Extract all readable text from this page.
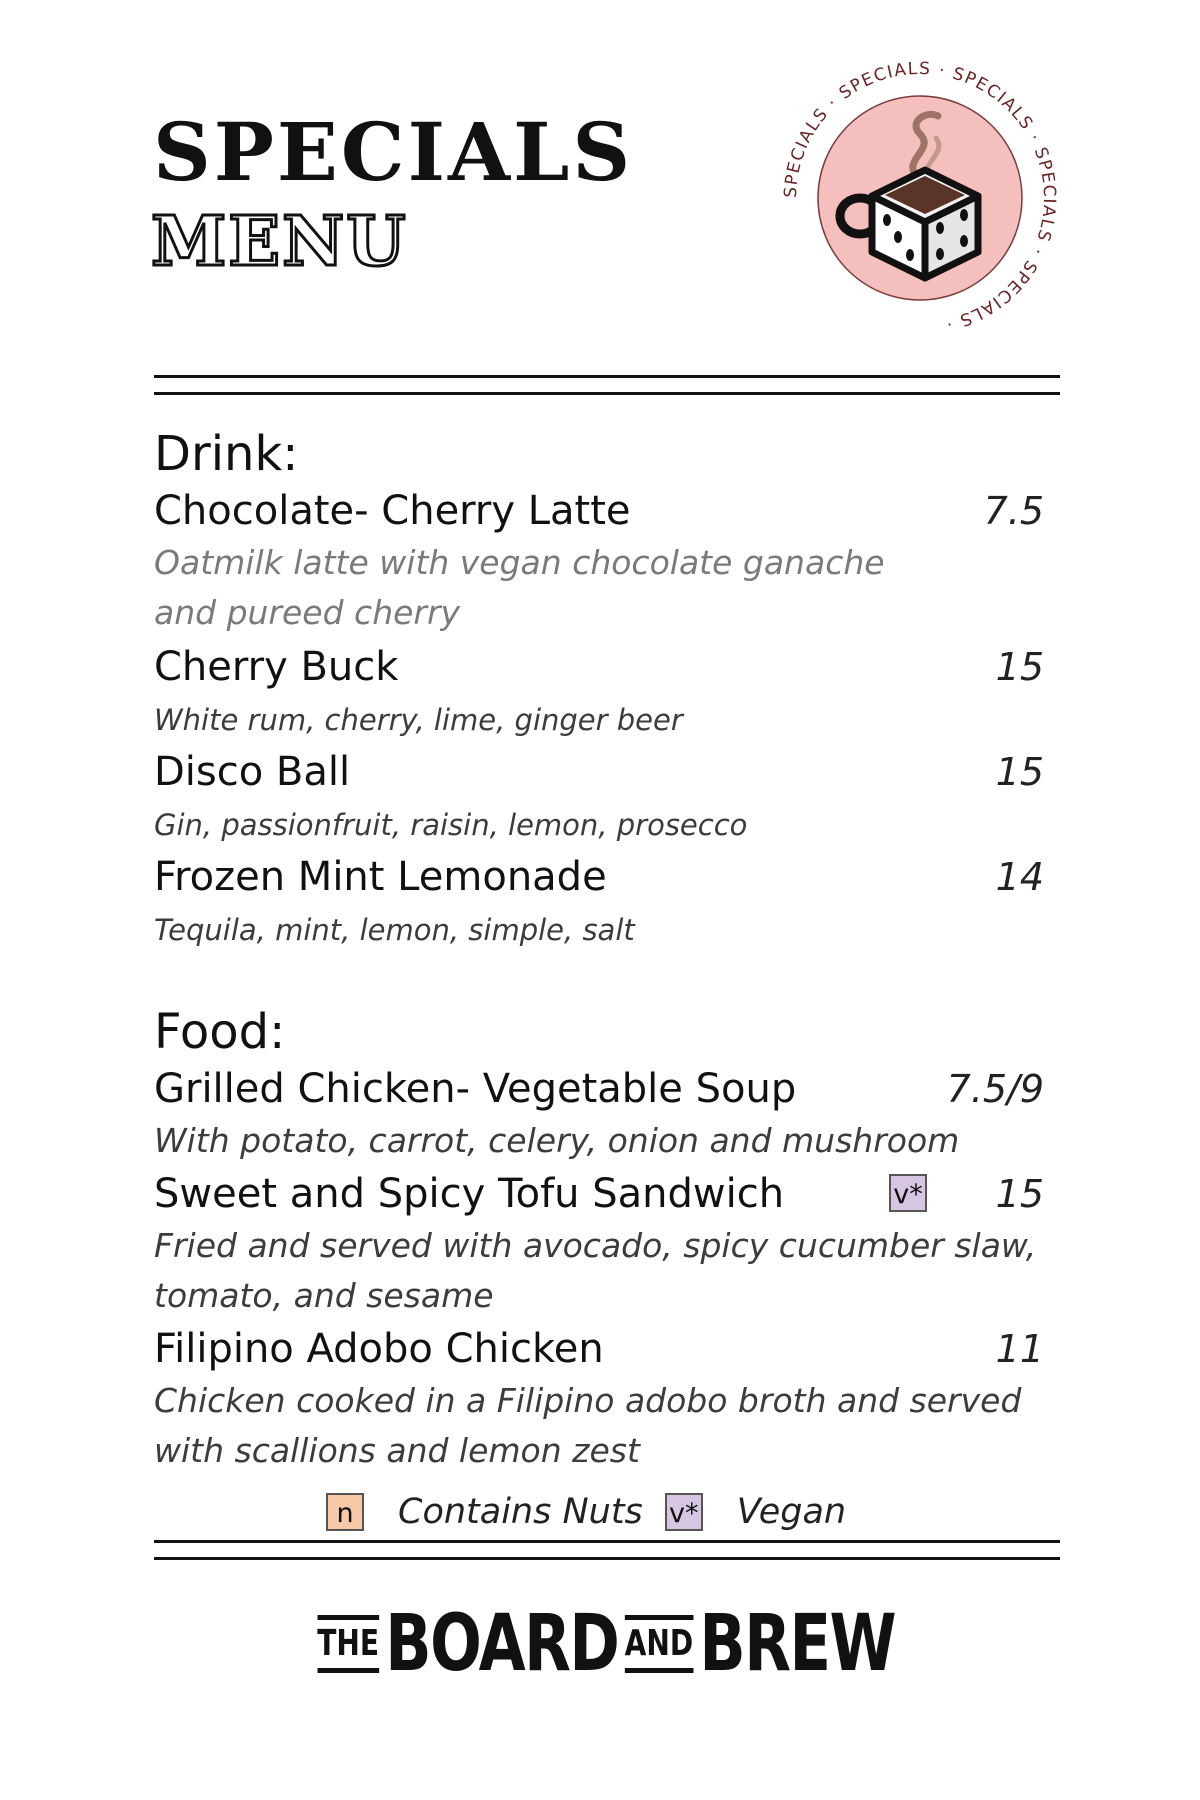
SPECIALS
MENU
SPECIALS · SPECIALS · SPECIALS · SPECIALS · SPECIALS ·
Drink:
Chocolate- Cherry Latte	7.5
Oatmilk latte with vegan chocolate ganache
and pureed cherry
Cherry Buck	15
White rum, cherry, lime, ginger beer
Disco Ball	15
Gin, passionfruit, raisin, lemon, prosecco
Frozen Mint Lemonade	14
Tequila, mint, lemon, simple, salt
Food:
Grilled Chicken- Vegetable Soup	7.5/9
With potato, carrot, celery, onion and mushroom
Sweet and Spicy Tofu Sandwich	v* 15
Fried and served with avocado, spicy cucumber slaw,
tomato, and sesame
Filipino Adobo Chicken	11
Chicken cooked in a Filipino adobo broth and served
with scallions and lemon zest
n Contains Nuts v* Vegan
THE BOARD AND BREW
